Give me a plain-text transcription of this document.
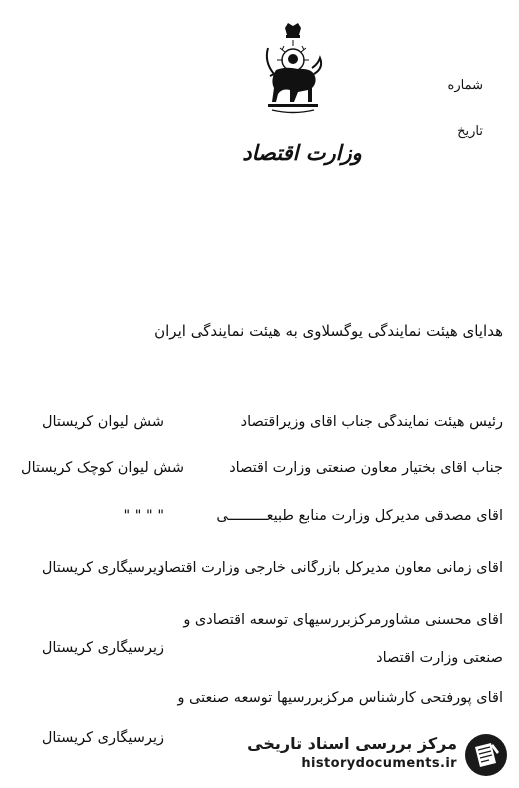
وزارت اقتصاد
شماره
تاریخ
هدایای هیئت نمایندگی یوگسلاوی به هیئت نمایندگی ایران
رئیس هیئت نمایندگی جناب آقای وزیراقتصاد
شش لیوان کریستال
جناب آقای بختیار معاون صنعتی وزارت اقتصاد
شش لیوان کوچک کریستال
آقای مصدقی مدیرکل وزارت منابع طبیعـــــــــی
" " " "
آقای زمانی معاون مدیرکل بازرگانی خارجی وزارت اقتصاد
زیرسیگاری کریستال
آقای محسنی مشاورمرکزبررسیهای توسعه اقتصادی و
زیرسیگاری کریستال
صنعتی وزارت اقتصاد
آقای پورفتحی کارشناس مرکزبررسیها توسعه صنعتی و
زیرسیگاری کریستال	مرکز بررسی اسناد تاریخی
historydocuments.ir
